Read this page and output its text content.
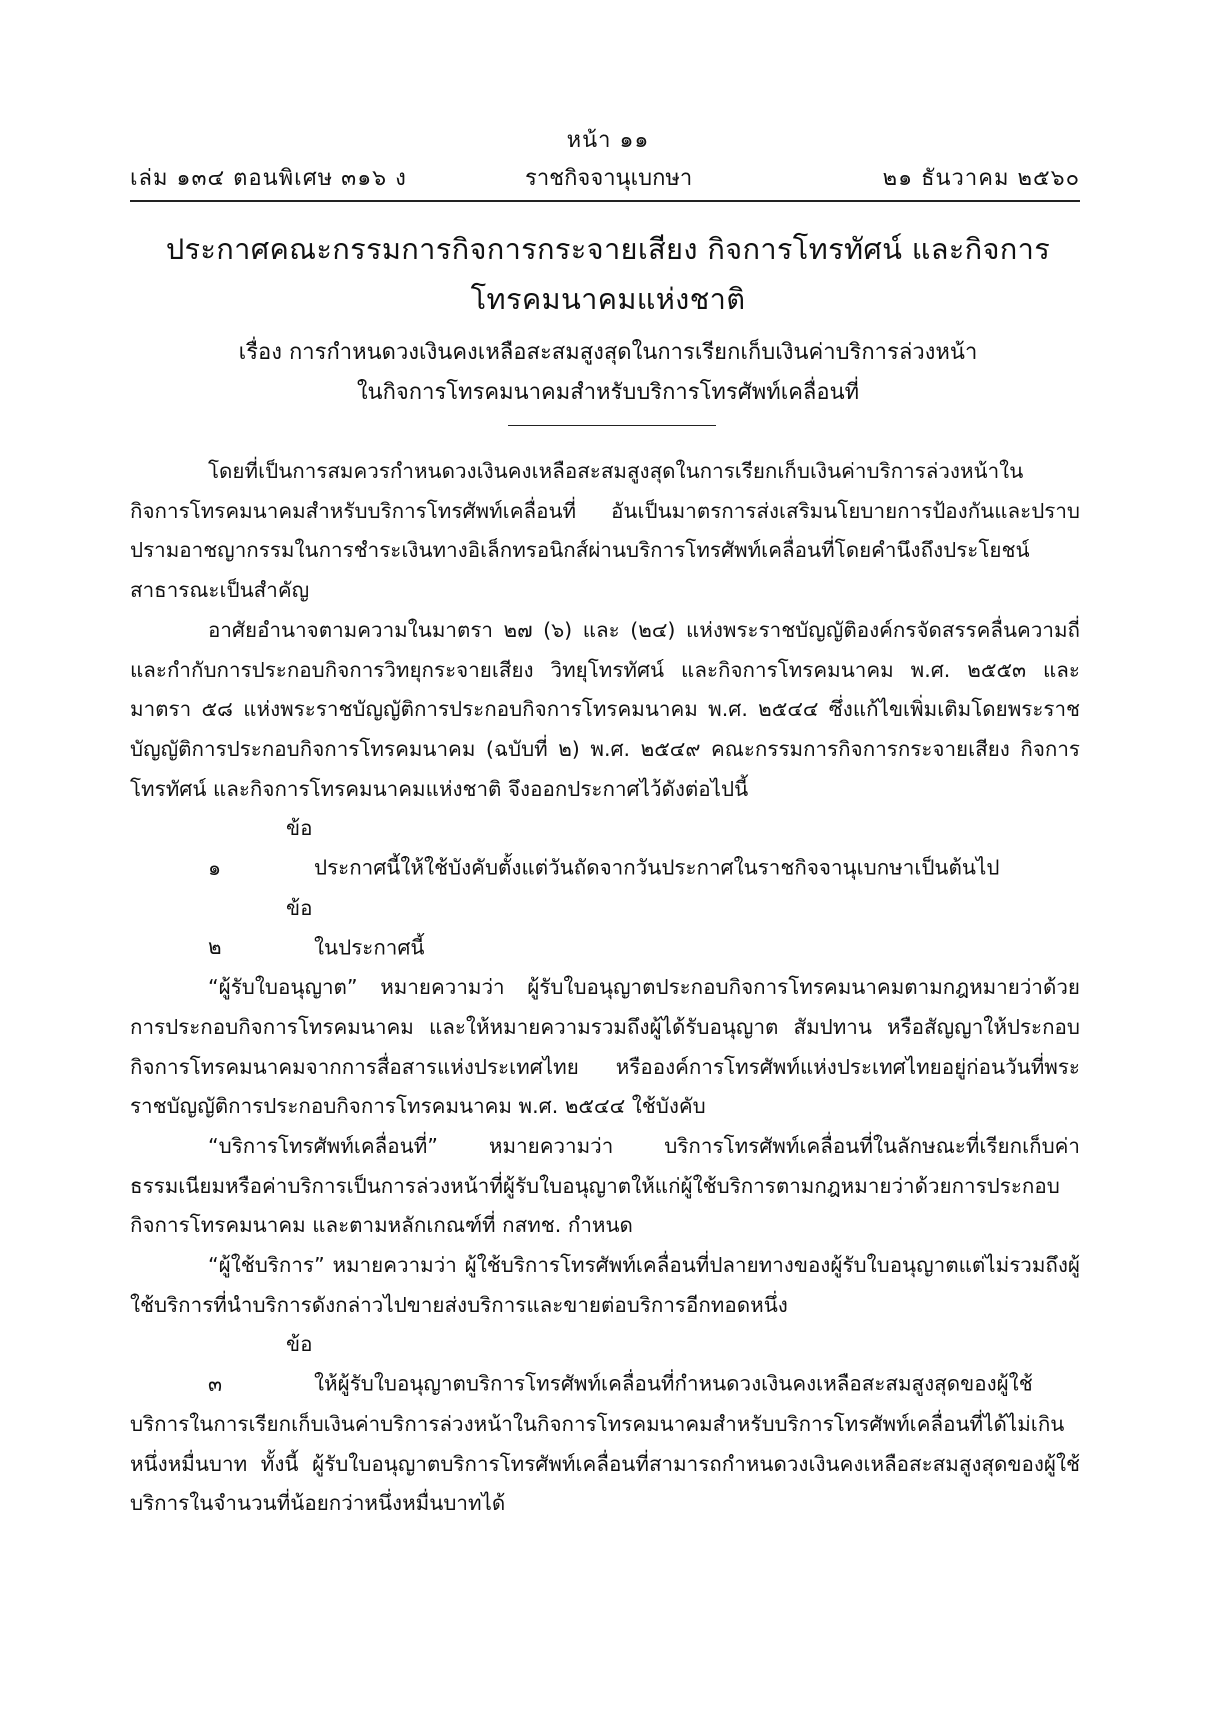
หน้า ๑๑
เล่ม ๑๓๔ ตอนพิเศษ ๓๑๖ ง	ราชกิจจานุเบกษา	๒๑ ธันวาคม ๒๕๖๐
ประกาศคณะกรรมการกิจการกระจายเสียง กิจการโทรทัศน์ และกิจการ
โทรคมนาคมแห่งชาติ
เรื่อง การกำหนดวงเงินคงเหลือสะสมสูงสุดในการเรียกเก็บเงินค่าบริการล่วงหน้า
ในกิจการโทรคมนาคมสำหรับบริการโทรศัพท์เคลื่อนที่

โดยที่เป็นการสมควรกำหนดวงเงินคงเหลือสะสมสูงสุดในการเรียกเก็บเงินค่าบริการล่วงหน้าในกิจการโทรคมนาคมสำหรับบริการโทรศัพท์เคลื่อนที่ อันเป็นมาตรการส่งเสริมนโยบายการป้องกันและปราบปรามอาชญากรรมในการชำระเงินทางอิเล็กทรอนิกส์ผ่านบริการโทรศัพท์เคลื่อนที่โดยคำนึงถึงประโยชน์สาธารณะเป็นสำคัญ

อาศัยอำนาจตามความในมาตรา ๒๗ (๖) และ (๒๔) แห่งพระราชบัญญัติองค์กรจัดสรรคลื่นความถี่และกำกับการประกอบกิจการวิทยุกระจายเสียง วิทยุโทรทัศน์ และกิจการโทรคมนาคม พ.ศ. ๒๕๕๓ และมาตรา ๕๘ แห่งพระราชบัญญัติการประกอบกิจการโทรคมนาคม พ.ศ. ๒๕๔๔ ซึ่งแก้ไขเพิ่มเติมโดยพระราชบัญญัติการประกอบกิจการโทรคมนาคม (ฉบับที่ ๒) พ.ศ. ๒๕๔๙ คณะกรรมการกิจการกระจายเสียง กิจการโทรทัศน์ และกิจการโทรคมนาคมแห่งชาติ จึงออกประกาศไว้ดังต่อไปนี้

ข้อ ๑	ประกาศนี้ให้ใช้บังคับตั้งแต่วันถัดจากวันประกาศในราชกิจจานุเบกษาเป็นต้นไป

ข้อ ๒	ในประกาศนี้

“ผู้รับใบอนุญาต” หมายความว่า ผู้รับใบอนุญาตประกอบกิจการโทรคมนาคมตามกฎหมายว่าด้วยการประกอบกิจการโทรคมนาคม และให้หมายความรวมถึงผู้ได้รับอนุญาต สัมปทาน หรือสัญญาให้ประกอบกิจการโทรคมนาคมจากการสื่อสารแห่งประเทศไทย หรือองค์การโทรศัพท์แห่งประเทศไทยอยู่ก่อนวันที่พระราชบัญญัติการประกอบกิจการโทรคมนาคม พ.ศ. ๒๕๔๔ ใช้บังคับ

“บริการโทรศัพท์เคลื่อนที่” หมายความว่า บริการโทรศัพท์เคลื่อนที่ในลักษณะที่เรียกเก็บค่าธรรมเนียมหรือค่าบริการเป็นการล่วงหน้าที่ผู้รับใบอนุญาตให้แก่ผู้ใช้บริการตามกฎหมายว่าด้วยการประกอบกิจการโทรคมนาคม และตามหลักเกณฑ์ที่ กสทช. กำหนด

“ผู้ใช้บริการ” หมายความว่า ผู้ใช้บริการโทรศัพท์เคลื่อนที่ปลายทางของผู้รับใบอนุญาตแต่ไม่รวมถึงผู้ใช้บริการที่นำบริการดังกล่าวไปขายส่งบริการและขายต่อบริการอีกทอดหนึ่ง

ข้อ ๓	ให้ผู้รับใบอนุญาตบริการโทรศัพท์เคลื่อนที่กำหนดวงเงินคงเหลือสะสมสูงสุดของผู้ใช้บริการในการเรียกเก็บเงินค่าบริการล่วงหน้าในกิจการโทรคมนาคมสำหรับบริการโทรศัพท์เคลื่อนที่ได้ไม่เกินหนึ่งหมื่นบาท ทั้งนี้ ผู้รับใบอนุญาตบริการโทรศัพท์เคลื่อนที่สามารถกำหนดวงเงินคงเหลือสะสมสูงสุดของผู้ใช้บริการในจำนวนที่น้อยกว่าหนึ่งหมื่นบาทได้
